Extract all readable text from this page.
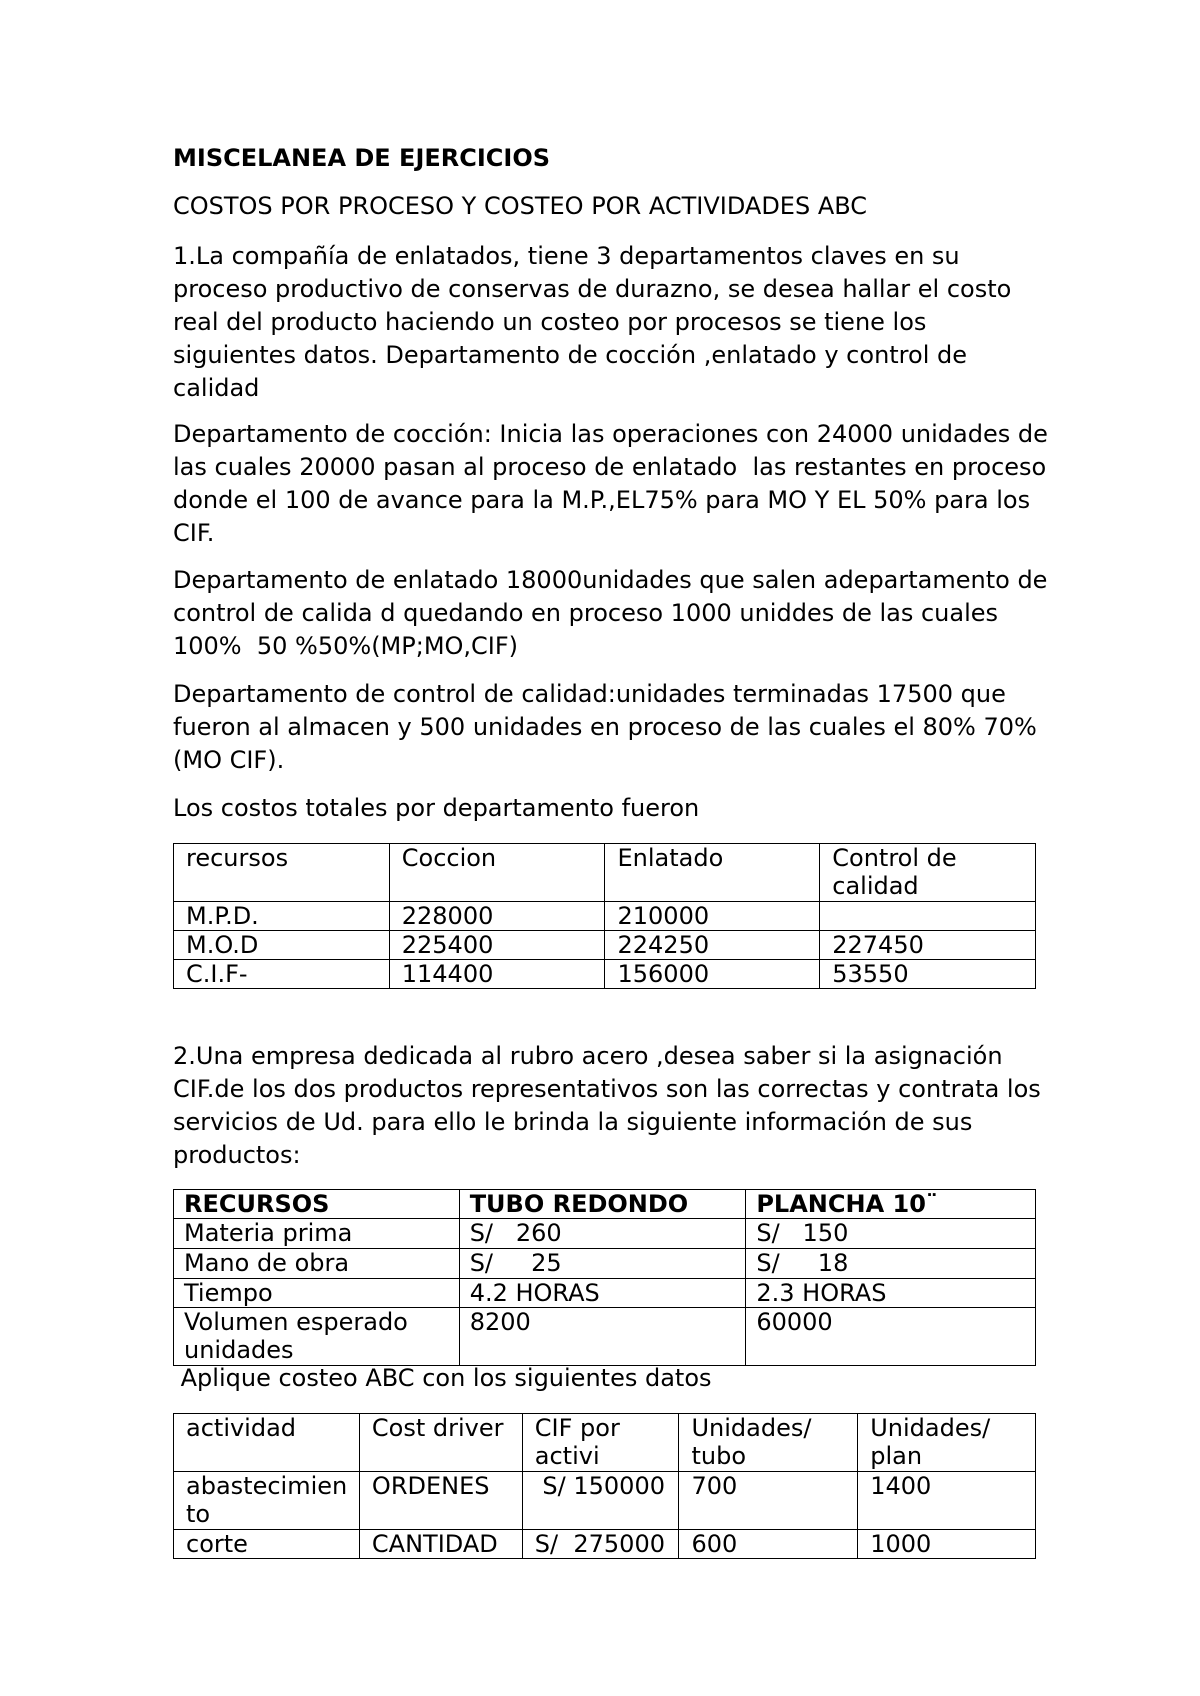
MISCELANEA DE EJERCICIOS

COSTOS POR PROCESO Y COSTEO POR ACTIVIDADES ABC

1.La compañía de enlatados, tiene 3 departamentos claves en su proceso productivo de conservas de durazno, se desea hallar el costo real del producto haciendo un costeo por procesos se tiene los siguientes datos. Departamento de cocción ,enlatado y control de calidad

Departamento de cocción: Inicia las operaciones con 24000 unidades de las cuales 20000 pasan al proceso de enlatado  las restantes en proceso donde el 100 de avance para la M.P.,EL75% para MO Y EL 50% para los CIF.

Departamento de enlatado 18000unidades que salen adepartamento de control de calida d quedando en proceso 1000 uniddes de las cuales 100%  50 %50%(MP;MO,CIF)

Departamento de control de calidad:unidades terminadas 17500 que fueron al almacen y 500 unidades en proceso de las cuales el 80% 70% (MO CIF).

Los costos totales por departamento fueron

recursos	Coccion	Enlatado	Control de calidad
M.P.D.	228000	210000	
M.O.D	225400	224250	227450
C.I.F-	114400	156000	53550

2.Una empresa dedicada al rubro acero ,desea saber si la asignación CIF.de los dos productos representativos son las correctas y contrata los servicios de Ud. para ello le brinda la siguiente información de sus productos:

RECURSOS	TUBO REDONDO	PLANCHA 10¨
Materia prima	S/   260	S/   150
Mano de obra	S/     25	S/     18
Tiempo	4.2 HORAS	2.3 HORAS
Volumen esperado unidades	8200	60000

Aplique costeo ABC con los siguientes datos

actividad	Cost driver	CIF por activi	Unidades/ tubo	Unidades/ plan
abastecimien to	ORDENES	S/ 150000	700	1400
corte	CANTIDAD	S/  275000	600	1000
